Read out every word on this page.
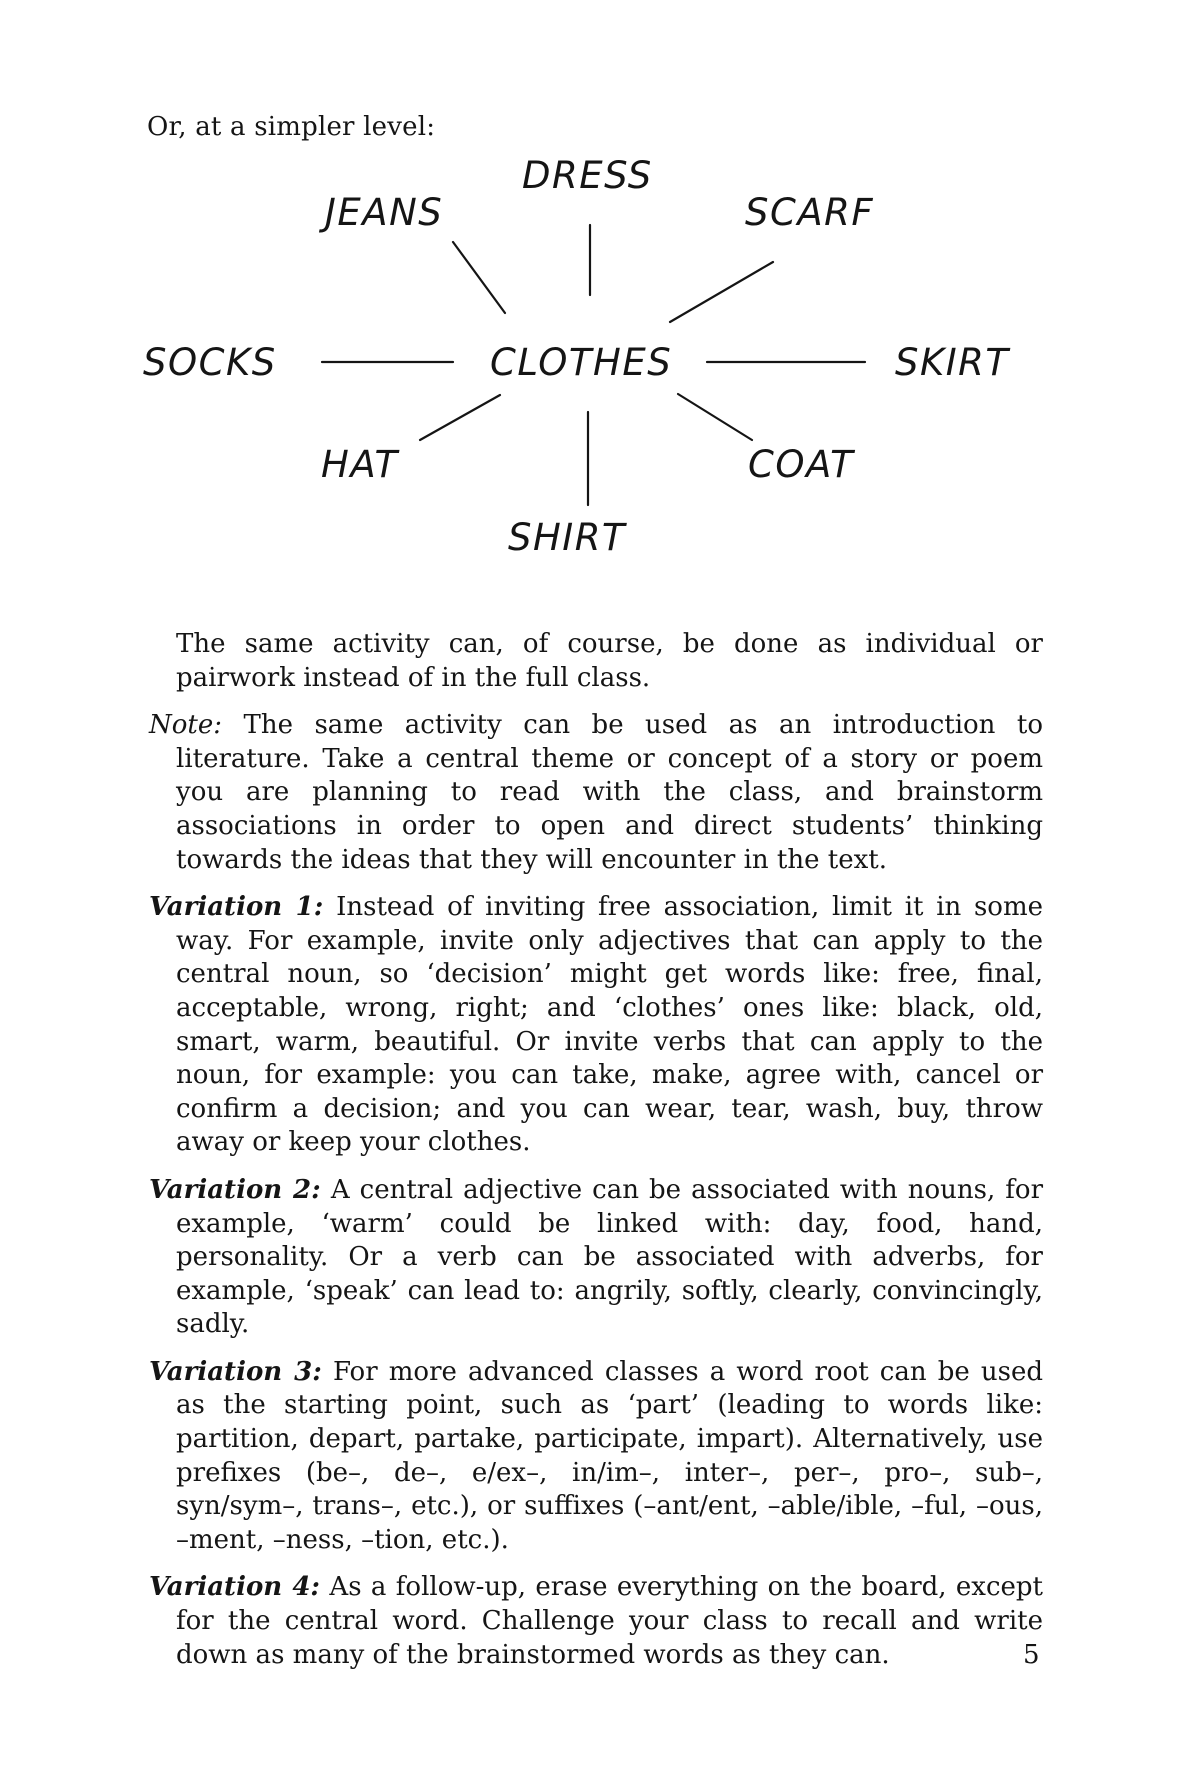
Or, at a simpler level:
DRESS
JEANS	SCARF
SOCKS	CLOTHES	SKIRT
HAT	COAT
SHIRT

The same activity can, of course, be done as individual or pairwork instead of in the full class.

Note: The same activity can be used as an introduction to literature. Take a central theme or concept of a story or poem you are planning to read with the class, and brainstorm associations in order to open and direct students’ thinking towards the ideas that they will encounter in the text.

Variation 1: Instead of inviting free association, limit it in some way. For example, invite only adjectives that can apply to the central noun, so ‘decision’ might get words like: free, final, acceptable, wrong, right; and ‘clothes’ ones like: black, old, smart, warm, beautiful. Or invite verbs that can apply to the noun, for example: you can take, make, agree with, cancel or confirm a decision; and you can wear, tear, wash, buy, throw away or keep your clothes.

Variation 2: A central adjective can be associated with nouns, for example, ‘warm’ could be linked with: day, food, hand, personality. Or a verb can be associated with adverbs, for example, ‘speak’ can lead to: angrily, softly, clearly, convincingly, sadly.

Variation 3: For more advanced classes a word root can be used as the starting point, such as ‘part’ (leading to words like: partition, depart, partake, participate, impart). Alternatively, use prefixes (be–, de–, e/ex–, in/im–, inter–, per–, pro–, sub–, syn/sym–, trans–, etc.), or suffixes (–ant/ent, –able/ible, –ful, –ous, –ment, –ness, –tion, etc.).

Variation 4: As a follow-up, erase everything on the board, except for the central word. Challenge your class to recall and write down as many of the brainstormed words as they can.	5
